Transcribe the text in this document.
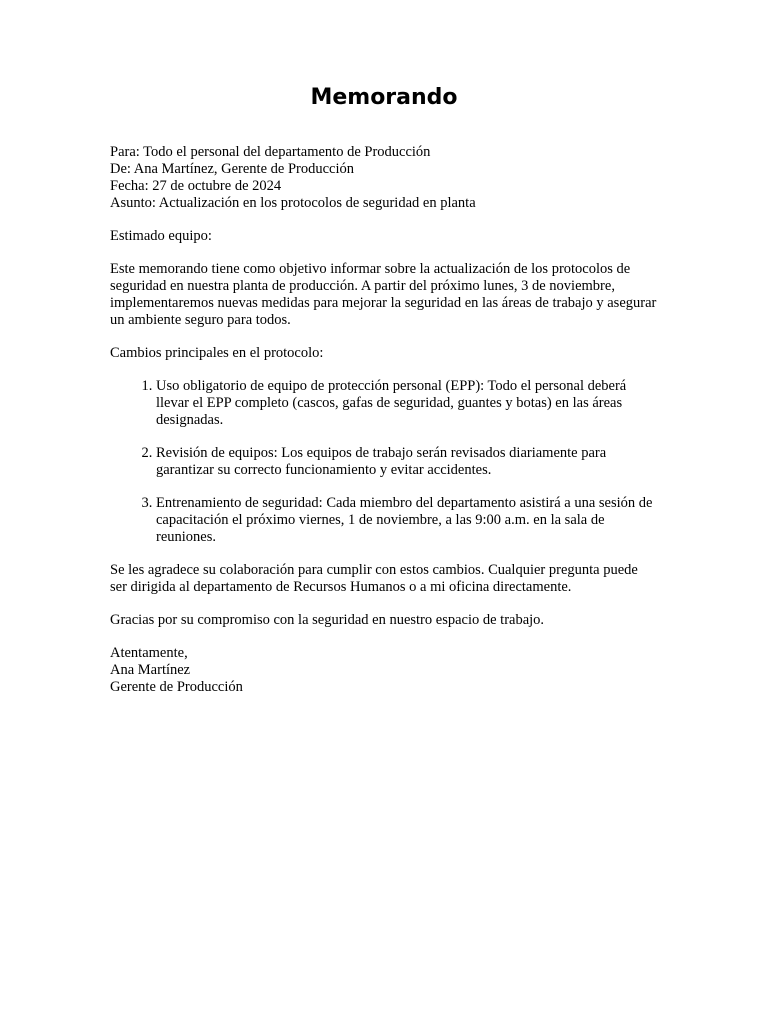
Memorando

Para: Todo el personal del departamento de Producción

De: Ana Martínez, Gerente de Producción

Fecha: 27 de octubre de 2024

Asunto: Actualización en los protocolos de seguridad en planta

Estimado equipo:

Este memorando tiene como objetivo informar sobre la actualización de los protocolos de seguridad en nuestra planta de producción. A partir del próximo lunes, 3 de noviembre, implementaremos nuevas medidas para mejorar la seguridad en las áreas de trabajo y asegurar un ambiente seguro para todos.

Cambios principales en el protocolo:

1. Uso obligatorio de equipo de protección personal (EPP): Todo el personal deberá llevar el EPP completo (cascos, gafas de seguridad, guantes y botas) en las áreas designadas.
2. Revisión de equipos: Los equipos de trabajo serán revisados diariamente para garantizar su correcto funcionamiento y evitar accidentes.
3. Entrenamiento de seguridad: Cada miembro del departamento asistirá a una sesión de capacitación el próximo viernes, 1 de noviembre, a las 9:00 a.m. en la sala de reuniones.

Se les agradece su colaboración para cumplir con estos cambios. Cualquier pregunta puede ser dirigida al departamento de Recursos Humanos o a mi oficina directamente.

Gracias por su compromiso con la seguridad en nuestro espacio de trabajo.

Atentamente,

Ana Martínez

Gerente de Producción
